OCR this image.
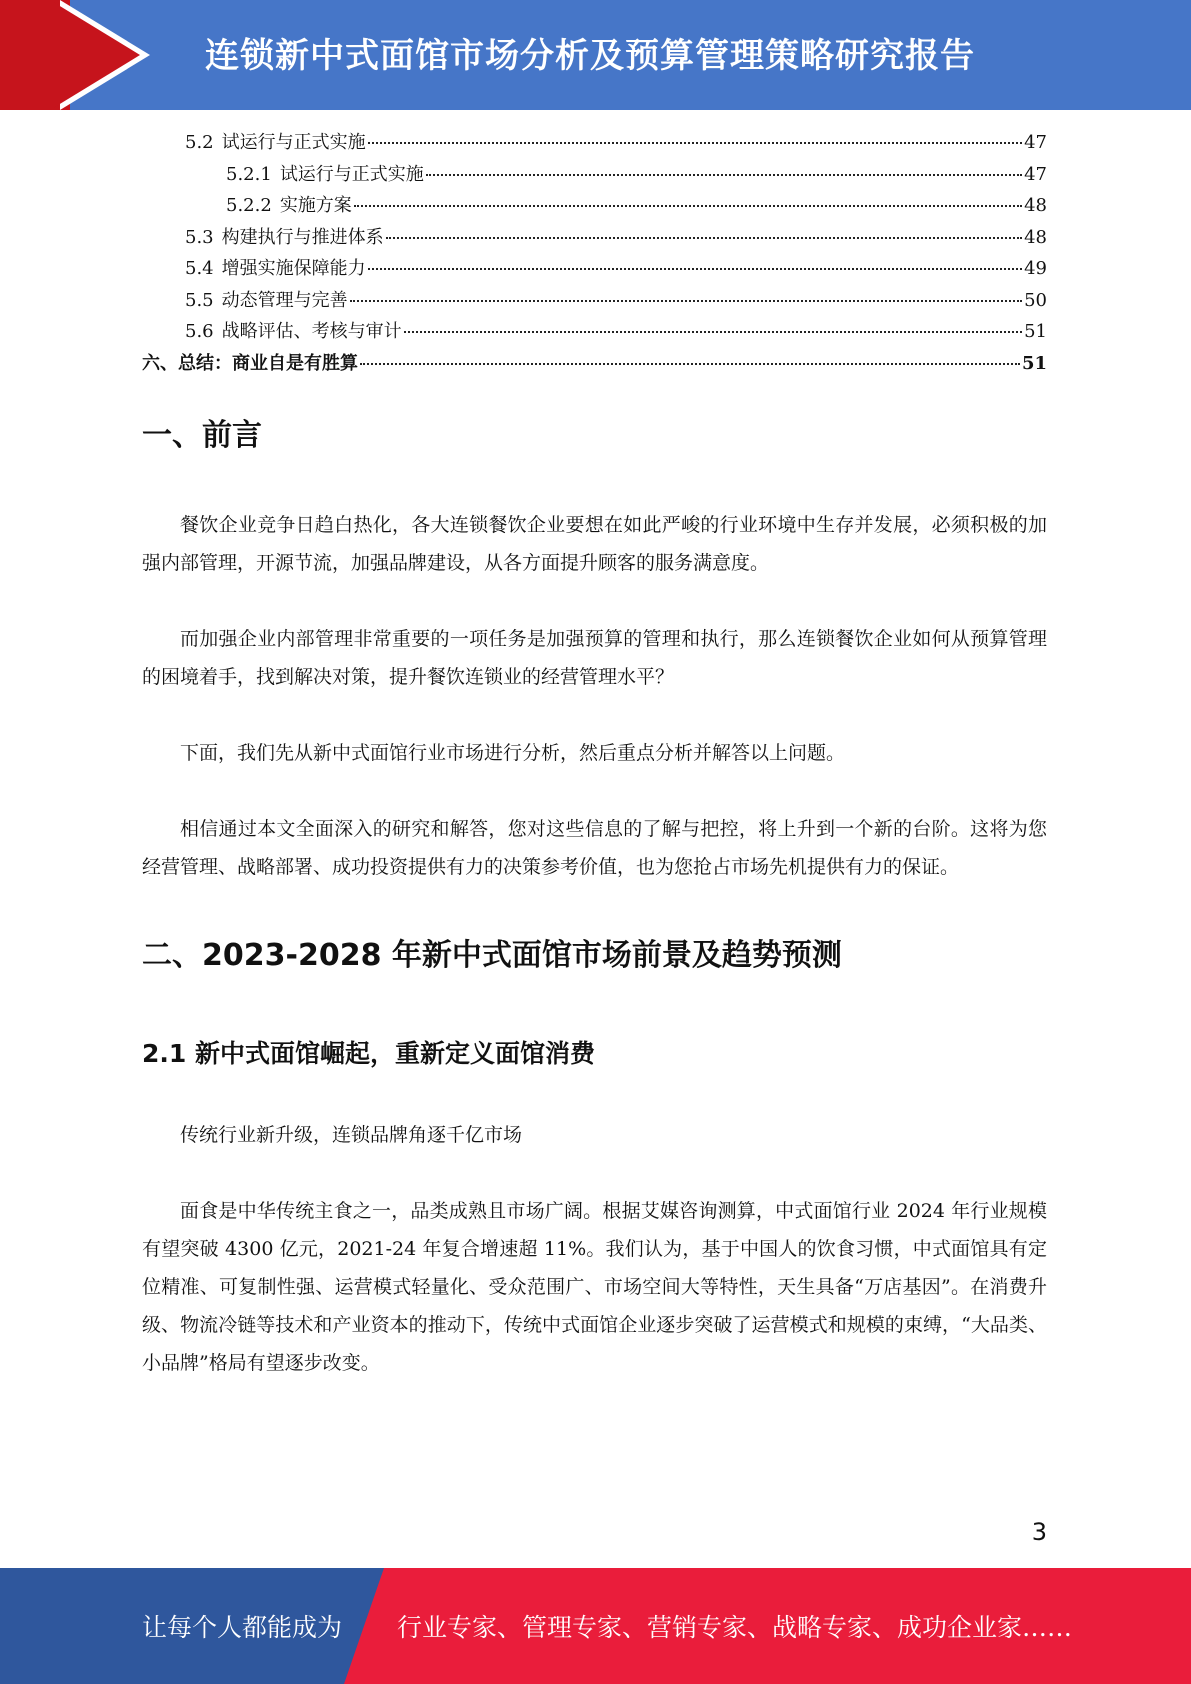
连锁新中式面馆市场分析及预算管理策略研究报告
5.2 试运行与正式实施	47
5.2.1 试运行与正式实施	47
5.2.2 实施方案	48
5.3 构建执行与推进体系	48
5.4 增强实施保障能力	49
5.5 动态管理与完善	50
5.6 战略评估、考核与审计	51
六、总结：商业自是有胜算	51
一、前言

餐饮企业竞争日趋白热化，各大连锁餐饮企业要想在如此严峻的行业环境中生存并发展，必须积极的加强内部管理，开源节流，加强品牌建设，从各方面提升顾客的服务满意度。

而加强企业内部管理非常重要的一项任务是加强预算的管理和执行，那么连锁餐饮企业如何从预算管理的困境着手，找到解决对策，提升餐饮连锁业的经营管理水平？

下面，我们先从新中式面馆行业市场进行分析，然后重点分析并解答以上问题。

相信通过本文全面深入的研究和解答，您对这些信息的了解与把控，将上升到一个新的台阶。这将为您经营管理、战略部署、成功投资提供有力的决策参考价值，也为您抢占市场先机提供有力的保证。

二、2023-2028 年新中式面馆市场前景及趋势预测
2.1 新中式面馆崛起，重新定义面馆消费

传统行业新升级，连锁品牌角逐千亿市场

面食是中华传统主食之一，品类成熟且市场广阔。根据艾媒咨询测算，中式面馆行业 2024 年行业规模有望突破 4300 亿元，2021-24 年复合增速超 11%。我们认为，基于中国人的饮食习惯，中式面馆具有定位精准、可复制性强、运营模式轻量化、受众范围广、市场空间大等特性，天生具备“万店基因”。在消费升级、物流冷链等技术和产业资本的推动下，传统中式面馆企业逐步突破了运营模式和规模的束缚，“大品类、小品牌”格局有望逐步改变。

3
让每个人都能成为 行业专家、管理专家、营销专家、战略专家、成功企业家……
